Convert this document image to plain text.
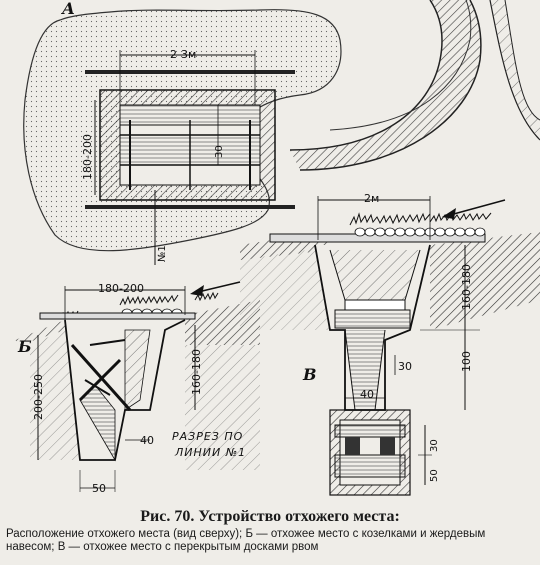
2-3м
180-200	30
№1
А
2м
160-180
100
30
40
В
180-200
160-180
200-250
40
50
Б
РАЗРЕЗ ПО
ЛИНИИ №1
30
50
Рис. 70. Устройство отхожего места:
Расположение отхожего места (вид сверху); Б — отхожее место с козелками и жердевым навесом; В — отхожее место с перекрытым досками рвом
